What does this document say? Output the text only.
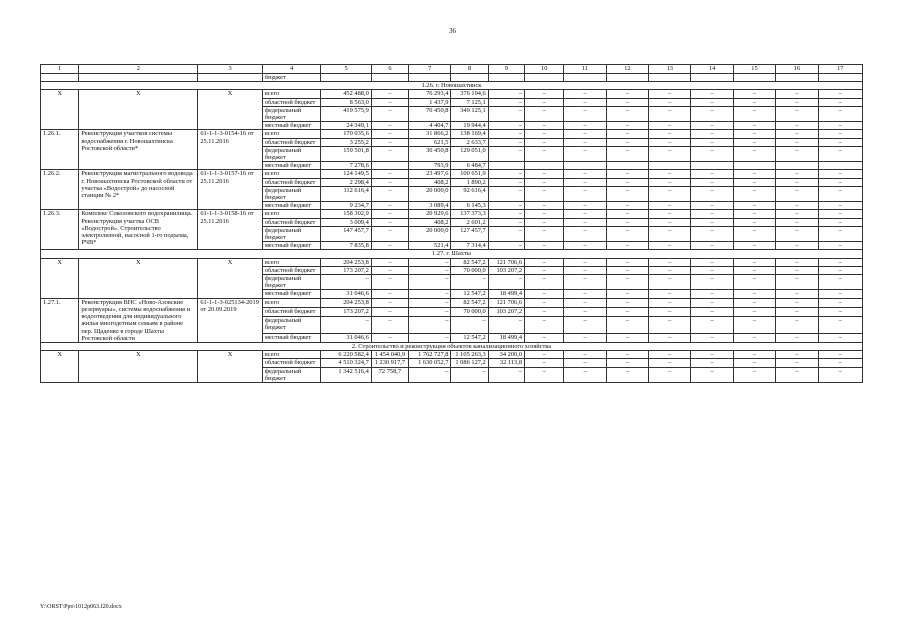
36
1	2	3	4	5	6	7	8	9	10	11	12	13	14	15	16	17
			бюджет													
1.26. г. Новошахтинск																
Х	Х	Х	всего	452 488,0	–	76 293,4	376 194,6	–	–	–	–	–	–	–	–	–
			областной бюджет	8 563,0	–	1 437,9	7 125,1	–	–	–	–	–	–	–	–	–
			федеральный бюджет	419 575,9	–	70 450,8	349 125,1	–	–	–	–	–	–	–	–	–
			местный бюджет	24 349,1	–	4 404,7	19 944,4	–	–	–	–	–	–	–	–	–
1.26.1.	Реконструкция участков системы водоснабжения г. Новошахтинска Ростовской области*	61-1-1-3-0154-16 от 25.11.2016	всего	170 035,6	–	31 866,2	138 169,4	–	–	–	–	–	–	–	–	–
			областной бюджет	3 255,2	–	621,5	2 633,7	–	–	–	–	–	–	–	–	–
			федеральный бюджет	159 501,8	–	30 450,8	129 051,0	–	–	–	–	–	–	–	–	–
			местный бюджет	7 278,6		793,9	6 484,7									
1.26.2.	Реконструкция магистрального водовода г. Новошахтинска Ростовской области от участка «Водострой» до насосной станции № 2*	61-1-1-3-0157-16 от 25.11.2016	всего	124 149,5	–	23 497,6	100 651,9	–	–	–	–	–	–	–	–	–
			областной бюджет	2 298,4	–	408,2	1 890,2	–	–	–	–	–	–	–	–	–
			федеральный бюджет	112 616,4	–	20 000,0	92 616,4	–	–	–	–	–	–	–	–	–
			местный бюджет	9 234,7	–	3 089,4	6 145,3	–	–	–	–	–	–	–	–	–
1.26.3.	Комплекс Соколовского водохранилища. Реконструкция участка ОСВ «Водострой». Строительство электролизной, насосной 1-го подъема, РЧВ*	61-1-1-3-0158-16 от 25.11.2016	всего	158 302,9	–	20 929,6	137 373,3	–	–	–	–	–	–	–	–	–
			областной бюджет	3 009,4	–	408,2	2 601,2	–	–	–	–	–	–	–	–	–
			федеральный бюджет	147 457,7	–	20 000,0	127 457,7	–	–	–	–	–	–	–	–	–
			местный бюджет	7 835,8	–	521,4	7 314,4	–	–	–	–	–	–	–	–	–
1.27. г. Шахты																
Х	Х	Х	всего	204 253,8	–	–	82 547,2	121 706,6	–	–	–	–	–	–	–	–
			областной бюджет	173 207,2	–	–	70 000,0	103 207,2	–	–	–	–	–	–	–	–
			федеральный бюджет	–	–	–	–	–	–	–	–	–	–	–	–	–
			местный бюджет	31 046,6	–	–	12 547,2	18 499,4	–	–	–	–	–	–	–	–
1.27.1.	Реконструкция ВНС «Ново-Азовские резервуары», системы водоснабжения и водоотведения для индивидуального жилья многодетным семьям в районе пер. Щаденко в городе Шахты Ростовской области	61-1-1-3-025134-2019 от 20.09.2019	всего	204 253,8	–	–	82 547,2	121 706,6	–	–	–	–	–	–	–	–
			областной бюджет	173 207,2	–	–	70 000,0	103 207,2	–	–	–	–	–	–	–	–
			федеральный бюджет	–	–	–	–	–	–	–	–	–	–	–	–	–
			местный бюджет	31 046,6	–	–	12 547,2	18 499,4	–	–	–	–	–	–	–	–
2. Строительство и реконструкция объектов канализационного хозяйства																
Х	Х	Х	всего	6 220 582,4	1 454 040,9	1 762 727,8	1 105 263,3	34 200,0	–	–	–	–	–	–	–	–
			областной бюджет	4 510 324,7	1 230 917,7	1 630 052,7	1 086 127,2	32 113,8	–	–	–	–	–	–	–	–
			федеральный бюджет	1 342 516,4	72 758,7	–	–	–	–	–	–	–	–	–	–	–
Y:\ORST\Ppo\1012p063.f20.docx
